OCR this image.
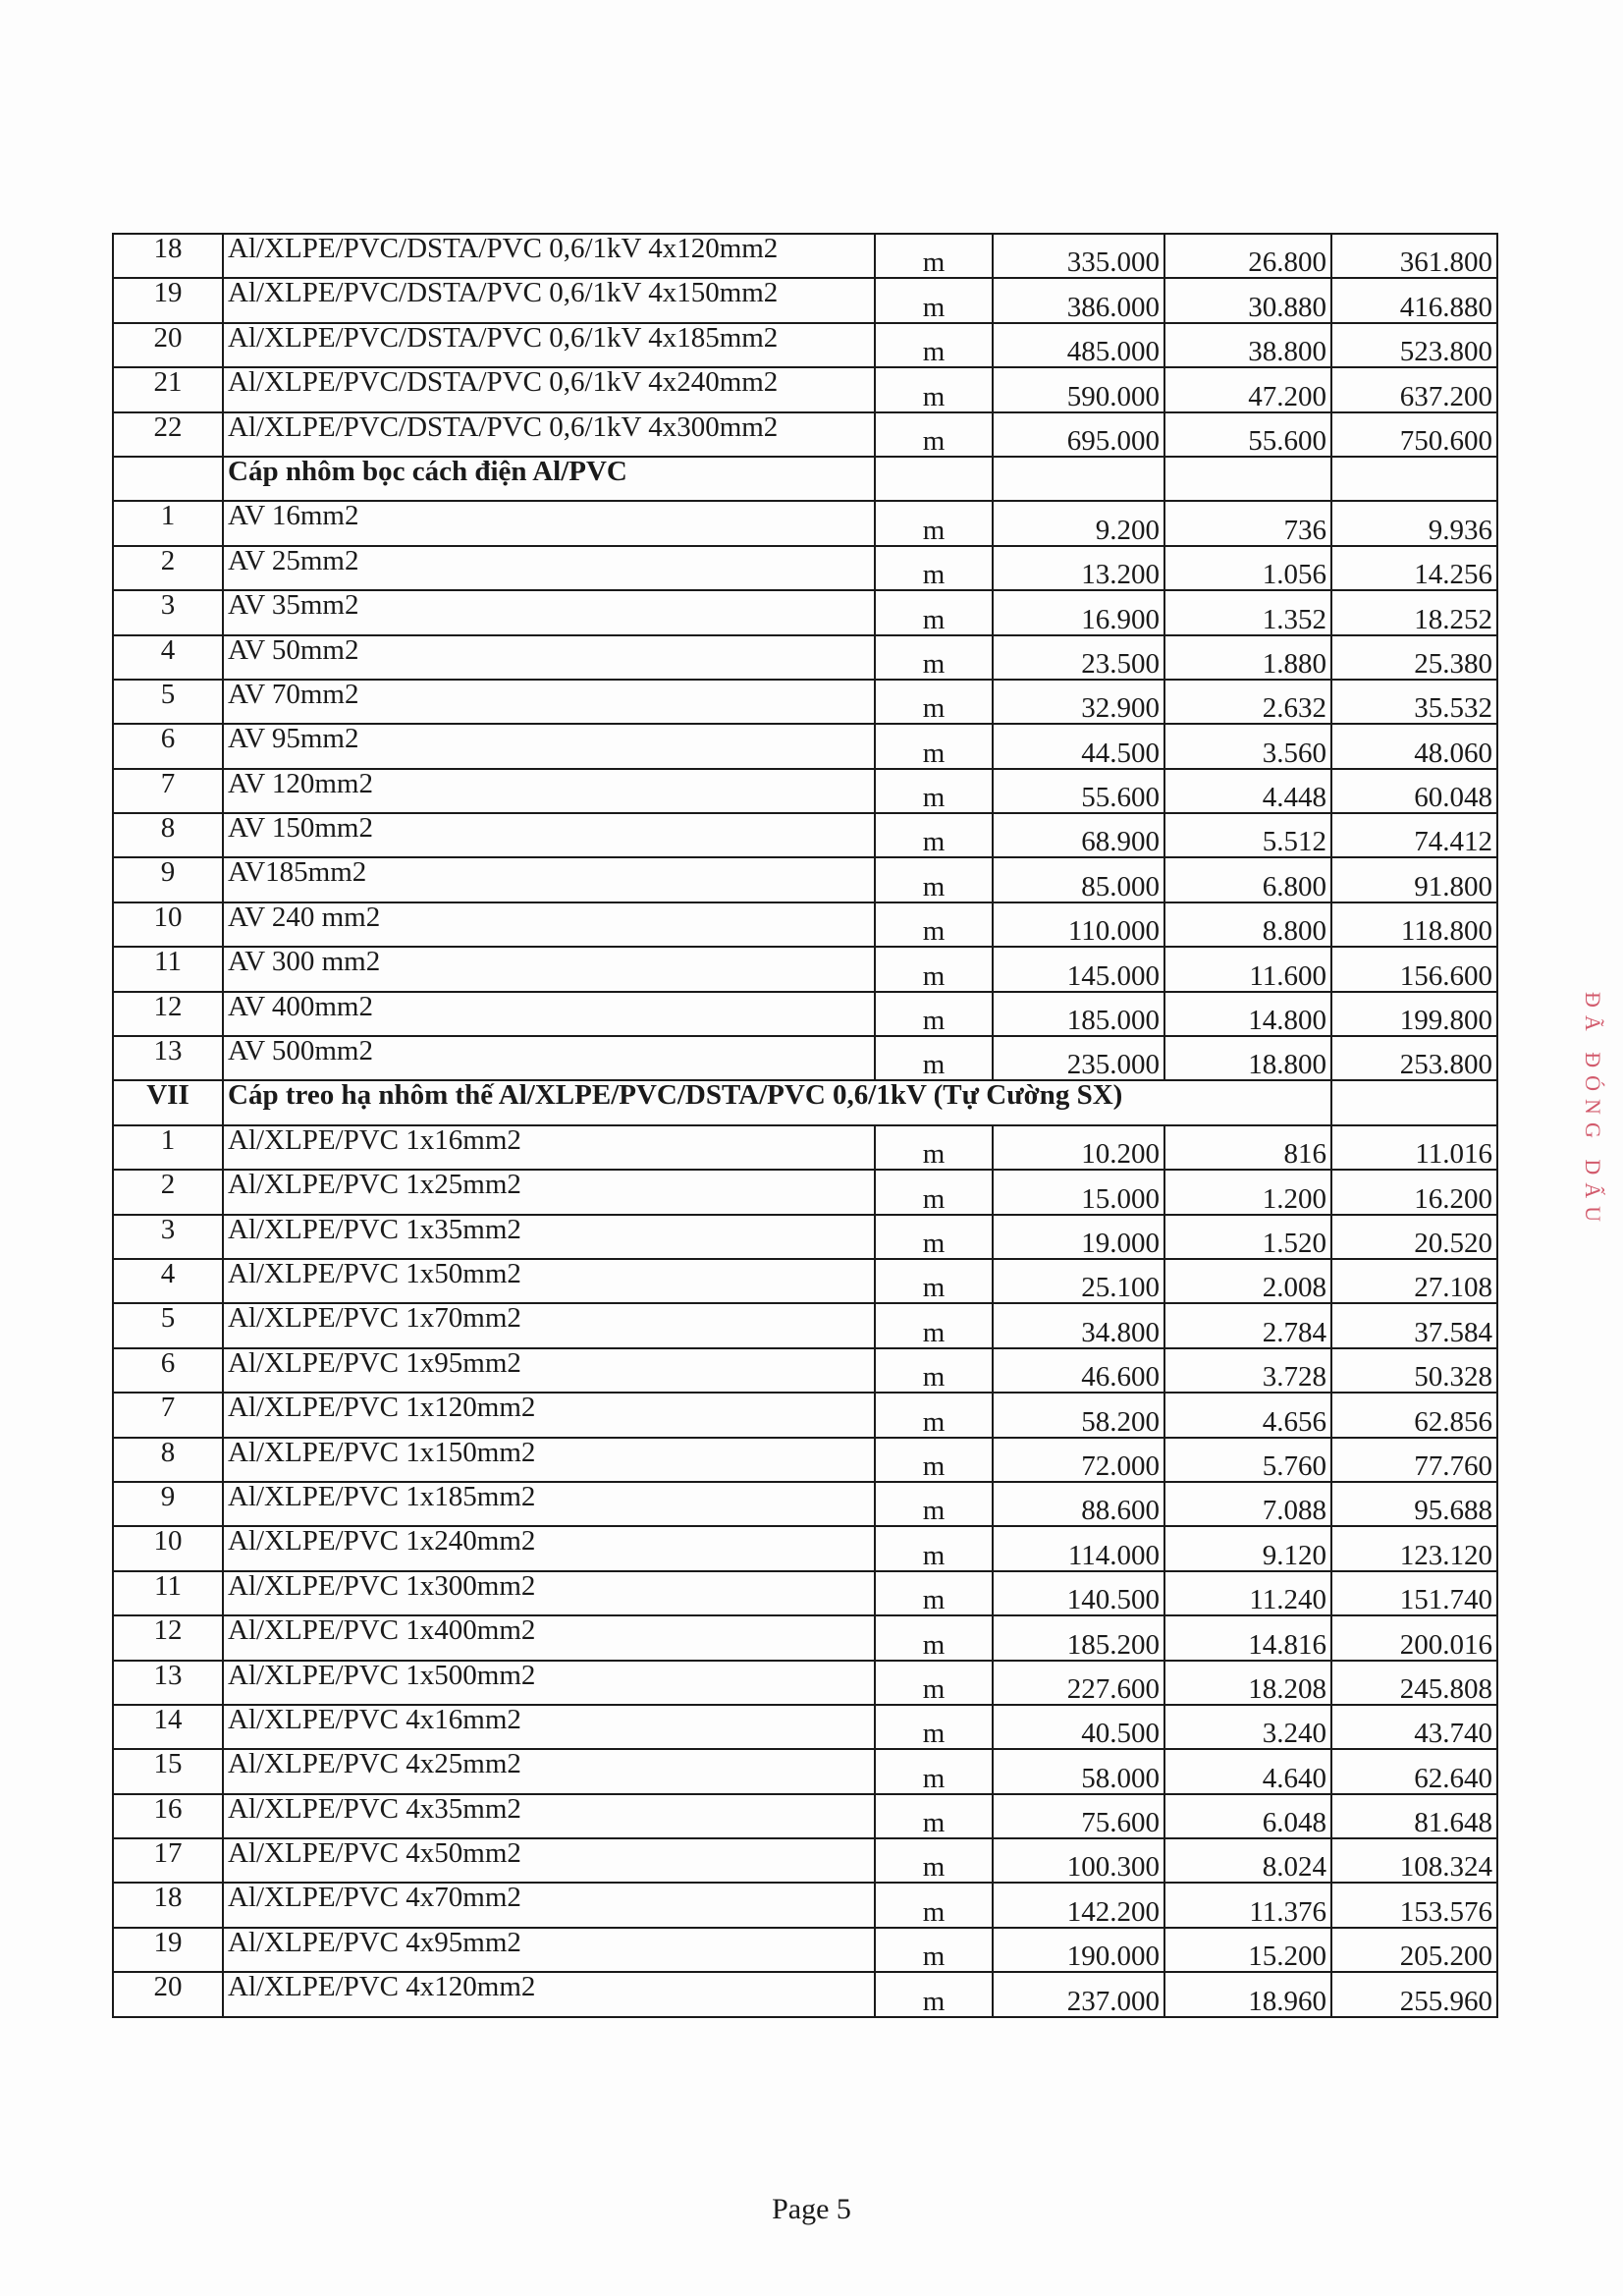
18	Al/XLPE/PVC/DSTA/PVC 0,6/1kV 4x120mm2	m	335.000	26.800	361.800
19	Al/XLPE/PVC/DSTA/PVC 0,6/1kV 4x150mm2	m	386.000	30.880	416.880
20	Al/XLPE/PVC/DSTA/PVC 0,6/1kV 4x185mm2	m	485.000	38.800	523.800
21	Al/XLPE/PVC/DSTA/PVC 0,6/1kV 4x240mm2	m	590.000	47.200	637.200
22	Al/XLPE/PVC/DSTA/PVC 0,6/1kV 4x300mm2	m	695.000	55.600	750.600
	Cáp nhôm bọc cách điện Al/PVC				
1	AV 16mm2	m	9.200	736	9.936
2	AV 25mm2	m	13.200	1.056	14.256
3	AV 35mm2	m	16.900	1.352	18.252
4	AV 50mm2	m	23.500	1.880	25.380
5	AV 70mm2	m	32.900	2.632	35.532
6	AV 95mm2	m	44.500	3.560	48.060
7	AV 120mm2	m	55.600	4.448	60.048
8	AV 150mm2	m	68.900	5.512	74.412
9	AV185mm2	m	85.000	6.800	91.800
10	AV 240 mm2	m	110.000	8.800	118.800
11	AV 300 mm2	m	145.000	11.600	156.600
12	AV 400mm2	m	185.000	14.800	199.800
13	AV 500mm2	m	235.000	18.800	253.800
VII	Cáp treo hạ nhôm thế Al/XLPE/PVC/DSTA/PVC 0,6/1kV (Tự Cường SX)				
1	Al/XLPE/PVC 1x16mm2	m	10.200	816	11.016
2	Al/XLPE/PVC 1x25mm2	m	15.000	1.200	16.200
3	Al/XLPE/PVC 1x35mm2	m	19.000	1.520	20.520
4	Al/XLPE/PVC 1x50mm2	m	25.100	2.008	27.108
5	Al/XLPE/PVC 1x70mm2	m	34.800	2.784	37.584
6	Al/XLPE/PVC 1x95mm2	m	46.600	3.728	50.328
7	Al/XLPE/PVC 1x120mm2	m	58.200	4.656	62.856
8	Al/XLPE/PVC 1x150mm2	m	72.000	5.760	77.760
9	Al/XLPE/PVC 1x185mm2	m	88.600	7.088	95.688
10	Al/XLPE/PVC 1x240mm2	m	114.000	9.120	123.120
11	Al/XLPE/PVC 1x300mm2	m	140.500	11.240	151.740
12	Al/XLPE/PVC 1x400mm2	m	185.200	14.816	200.016
13	Al/XLPE/PVC 1x500mm2	m	227.600	18.208	245.808
14	Al/XLPE/PVC 4x16mm2	m	40.500	3.240	43.740
15	Al/XLPE/PVC 4x25mm2	m	58.000	4.640	62.640
16	Al/XLPE/PVC 4x35mm2	m	75.600	6.048	81.648
17	Al/XLPE/PVC 4x50mm2	m	100.300	8.024	108.324
18	Al/XLPE/PVC 4x70mm2	m	142.200	11.376	153.576
19	Al/XLPE/PVC 4x95mm2	m	190.000	15.200	205.200
20	Al/XLPE/PVC 4x120mm2	m	237.000	18.960	255.960
ĐÃ ĐÓNG DẤU
Page 5
